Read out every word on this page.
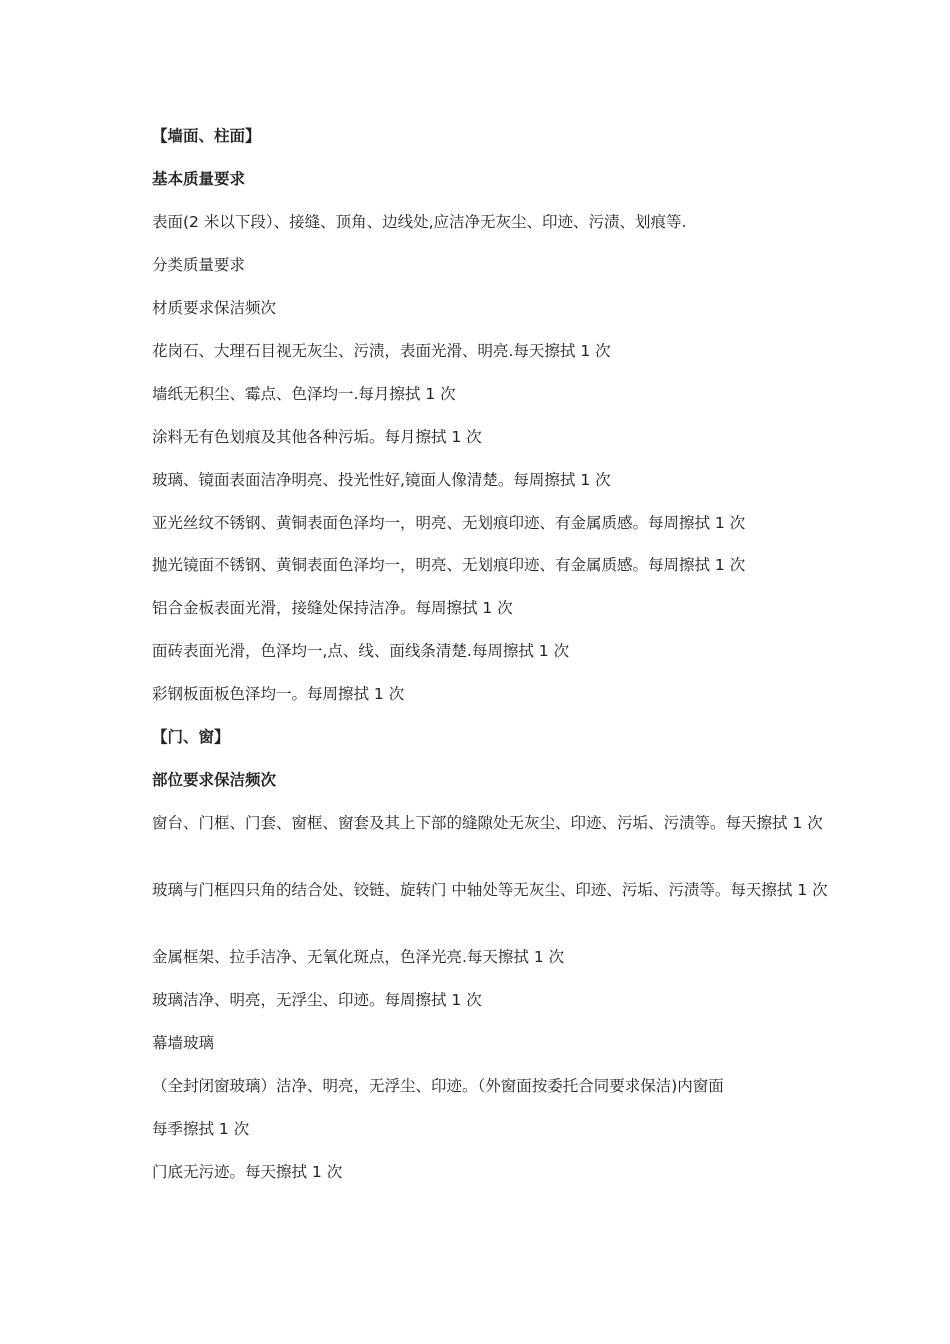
【墙面、柱面】
基本质量要求
表面(2 米以下段）、接缝、顶角、边线处,应洁净无灰尘、印迹、污渍、划痕等.
分类质量要求
材质要求保洁频次
花岗石、大理石目视无灰尘、污渍，表面光滑、明亮.每天擦拭 1 次
墙纸无积尘、霉点、色泽均一.每月擦拭 1 次
涂料无有色划痕及其他各种污垢。每月擦拭 1 次
玻璃、镜面表面洁净明亮、投光性好,镜面人像清楚。每周擦拭 1 次
亚光丝纹不锈钢、黄铜表面色泽均一，明亮、无划痕印迹、有金属质感。每周擦拭 1 次
抛光镜面不锈钢、黄铜表面色泽均一，明亮、无划痕印迹、有金属质感。每周擦拭 1 次
铝合金板表面光滑，接缝处保持洁净。每周擦拭 1 次
面砖表面光滑，色泽均一,点、线、面线条清楚.每周擦拭 1 次
彩钢板面板色泽均一。每周擦拭 1 次
【门、窗】
部位要求保洁频次
窗台、门框、门套、窗框、窗套及其上下部的缝隙处无灰尘、印迹、污垢、污渍等。每天擦拭 1 次
玻璃与门框四只角的结合处、铰链、旋转门 中轴处等无灰尘、印迹、污垢、污渍等。每天擦拭 1 次
金属框架、拉手洁净、无氧化斑点，色泽光亮.每天擦拭 1 次
玻璃洁净、明亮，无浮尘、印迹。每周擦拭 1 次
幕墙玻璃
（全封闭窗玻璃）洁净、明亮，无浮尘、印迹。（外窗面按委托合同要求保洁)内窗面
每季擦拭 1 次
门底无污迹。每天擦拭 1 次
